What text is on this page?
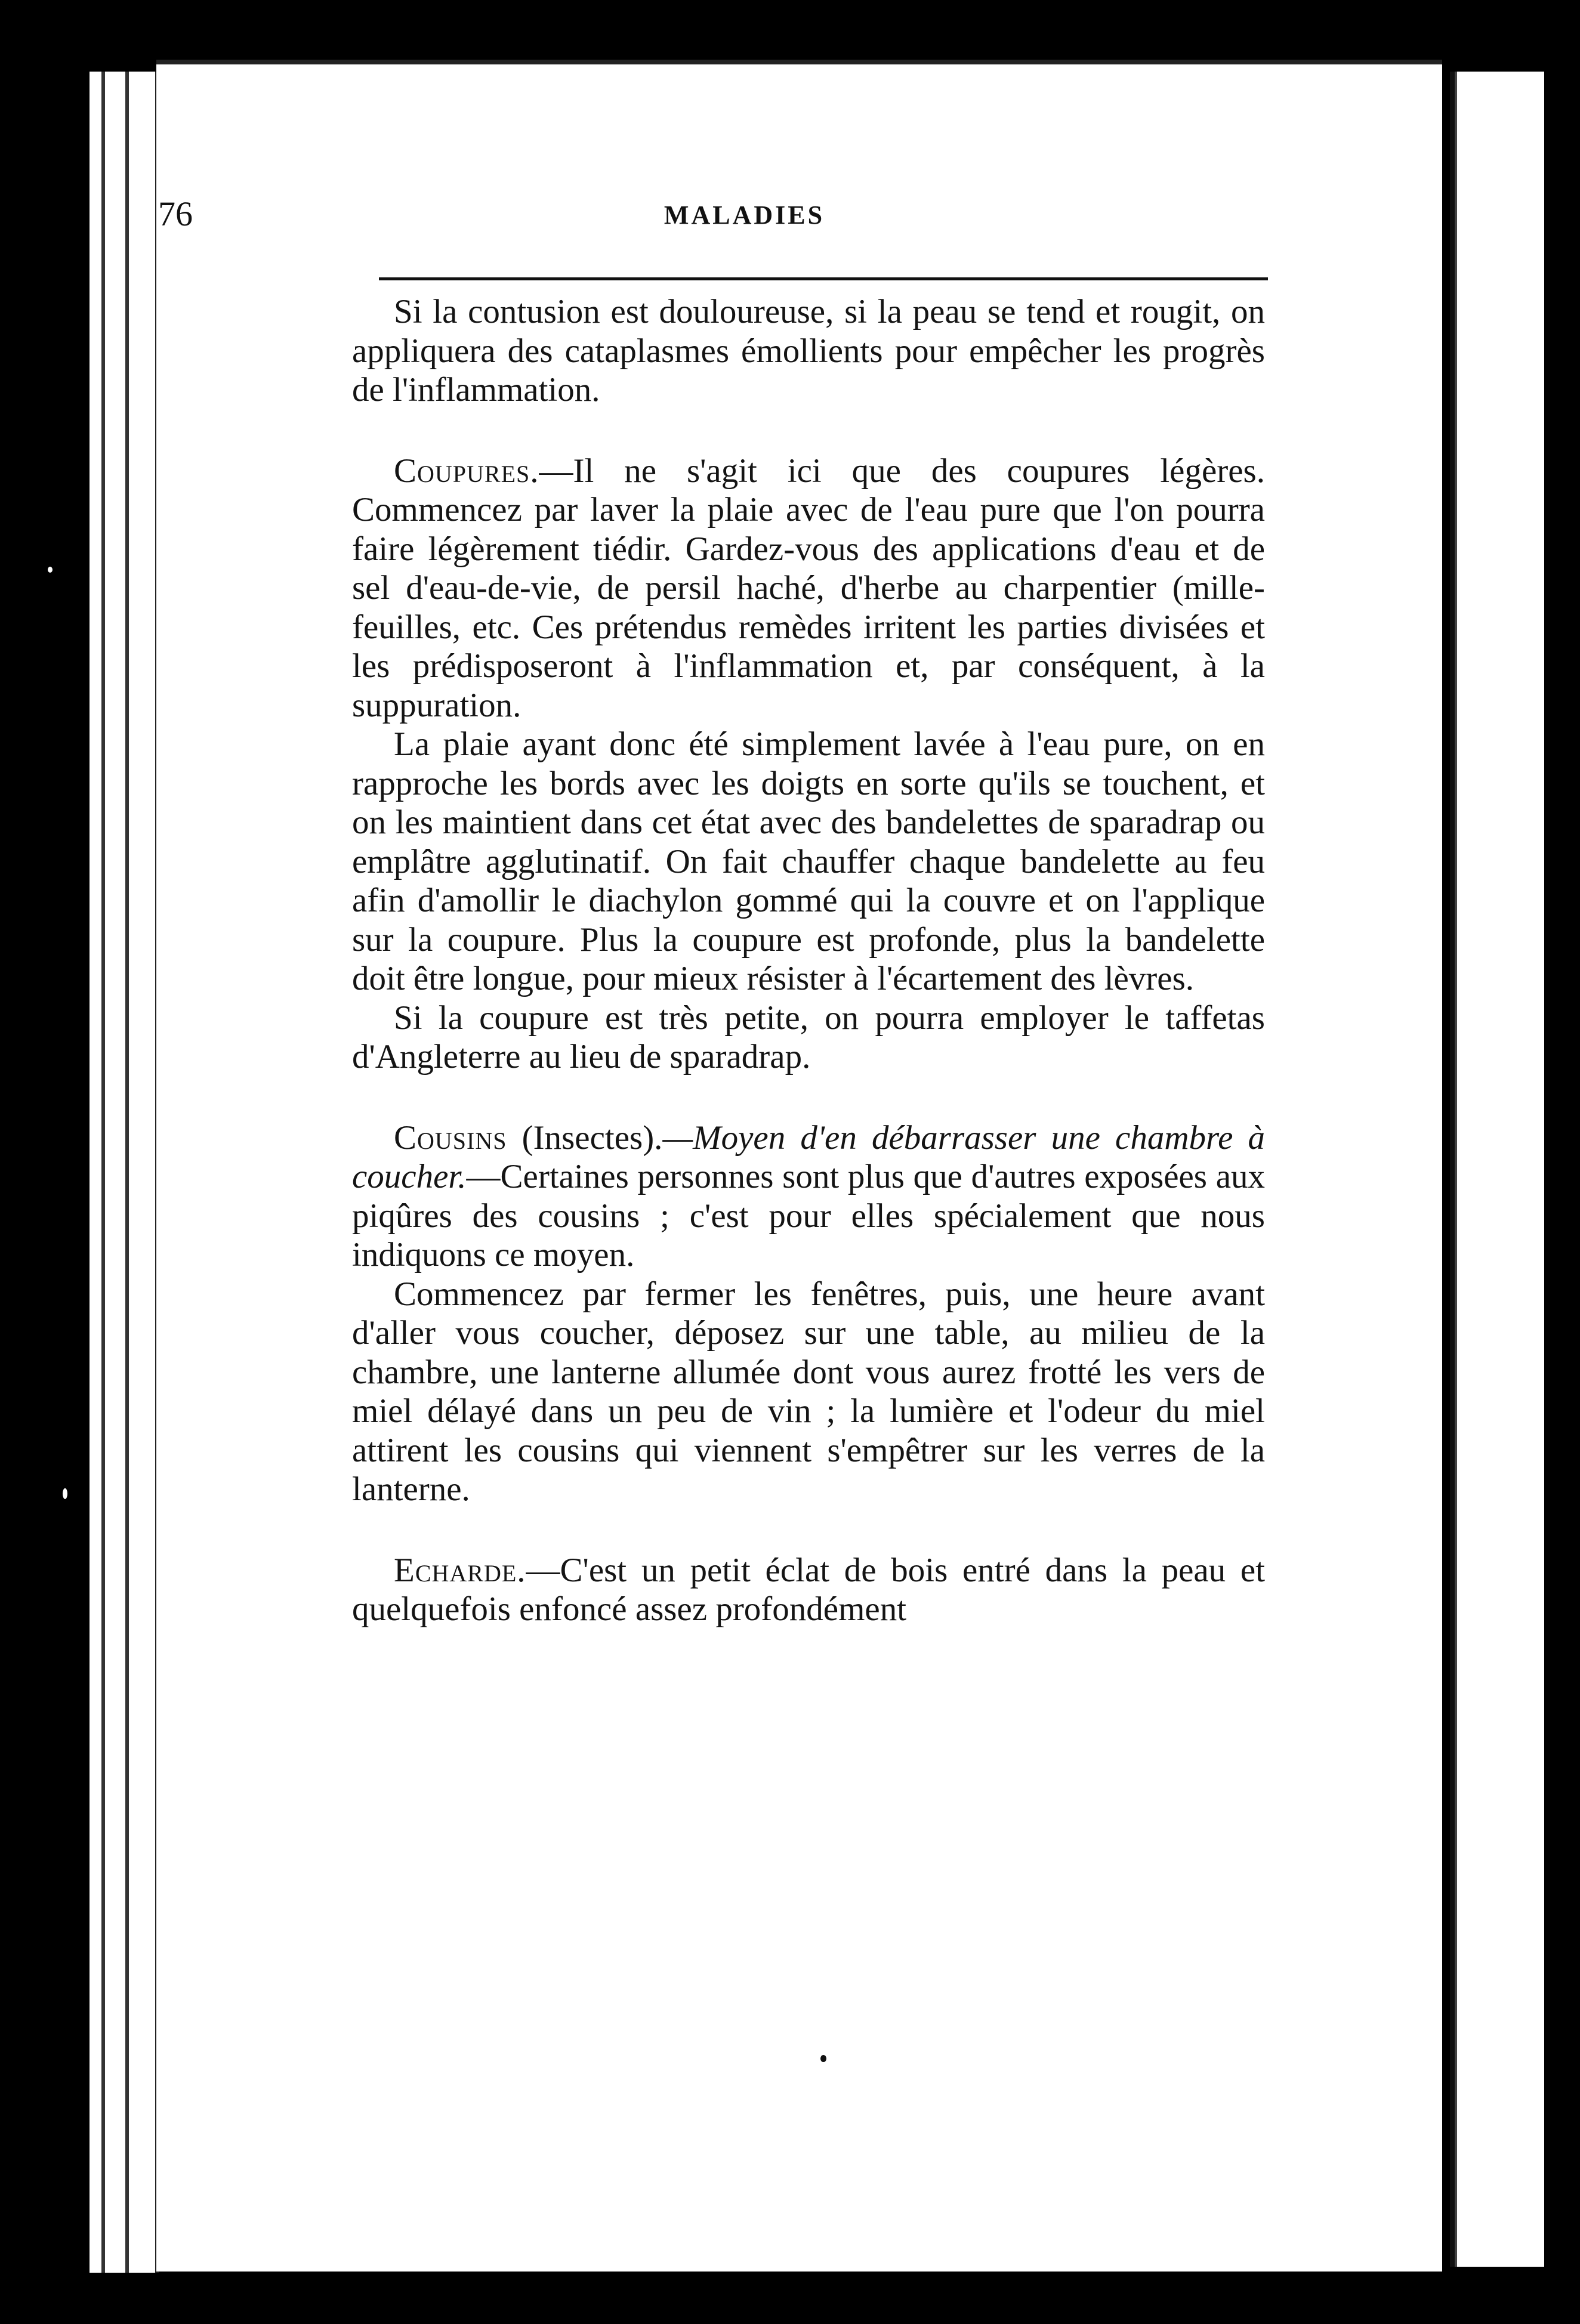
76	MALADIES

Si la contusion est douloureuse, si la peau se tend et rougit, on appliquera des cataplasmes émollients pour empêcher les progrès de l'inflammation.

Coupures.—Il ne s'agit ici que des coupures légères. Commencez par laver la plaie avec de l'eau pure que l'on pourra faire légèrement tiédir. Gardez-vous des applications d'eau et de sel d'eau-de-vie, de persil haché, d'herbe au charpentier (mille-feuilles, etc. Ces prétendus remèdes irritent les parties divisées et les prédisposeront à l'inflammation et, par conséquent, à la suppuration.

La plaie ayant donc été simplement lavée à l'eau pure, on en rapproche les bords avec les doigts en sorte qu'ils se touchent, et on les maintient dans cet état avec des bandelettes de sparadrap ou emplâtre agglutinatif. On fait chauffer chaque bandelette au feu afin d'amollir le diachylon gommé qui la couvre et on l'applique sur la coupure. Plus la coupure est profonde, plus la bandelette doit être longue, pour mieux résister à l'écartement des lèvres.

Si la coupure est très petite, on pourra employer le taffetas d'Angleterre au lieu de sparadrap.

Cousins (Insectes).—Moyen d'en débarrasser une chambre à coucher.—Certaines personnes sont plus que d'autres exposées aux piqûres des cousins ; c'est pour elles spécialement que nous indiquons ce moyen.

Commencez par fermer les fenêtres, puis, une heure avant d'aller vous coucher, déposez sur une table, au milieu de la chambre, une lanterne allumée dont vous aurez frotté les vers de miel délayé dans un peu de vin ; la lumière et l'odeur du miel attirent les cousins qui viennent s'empêtrer sur les verres de la lanterne.

Echarde.—C'est un petit éclat de bois entré dans la peau et quelquefois enfoncé assez profondément
